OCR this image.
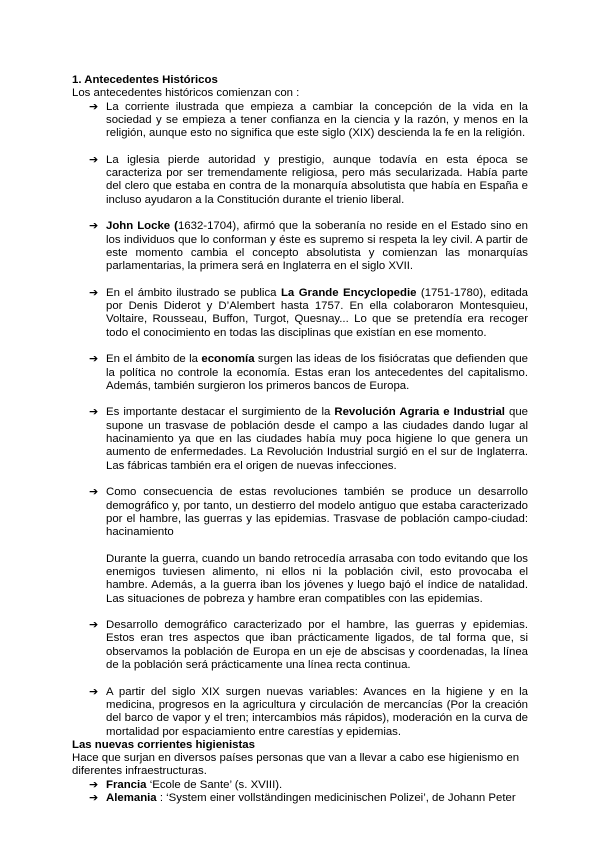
1. Antecedentes Históricos

Los antecedentes históricos comienzan con :

➔ La corriente ilustrada que empieza a cambiar la concepción de la vida en la sociedad y se empieza a tener confianza en la ciencia y la razón, y menos en la religión, aunque esto no significa que este siglo (XIX) descienda la fe en la religión.
➔ La iglesia pierde autoridad y prestigio, aunque todavía en esta época se caracteriza por ser tremendamente religiosa, pero más secularizada. Había parte del clero que estaba en contra de la monarquía absolutista que había en España e incluso ayudaron a la Constitución durante el trienio liberal.
➔ John Locke (1632-1704), afirmó que la soberanía no reside en el Estado sino en los individuos que lo conforman y éste es supremo si respeta la ley civil. A partir de este momento cambia el concepto absolutista y comienzan las monarquías parlamentarias, la primera será en Inglaterra en el siglo XVII.
➔ En el ámbito ilustrado se publica La Grande Encyclopedie (1751-1780), editada por Denis Diderot y D’Alembert hasta 1757. En ella colaboraron Montesquieu, Voltaire, Rousseau, Buffon, Turgot, Quesnay... Lo que se pretendía era recoger todo el conocimiento en todas las disciplinas que existían en ese momento.
➔ En el ámbito de la economía surgen las ideas de los fisiócratas que defienden que la política no controle la economía. Estas eran los antecedentes del capitalismo. Además, también surgieron los primeros bancos de Europa.
➔ Es importante destacar el surgimiento de la Revolución Agraria e Industrial que supone un trasvase de población desde el campo a las ciudades dando lugar al hacinamiento ya que en las ciudades había muy poca higiene lo que genera un aumento de enfermedades. La Revolución Industrial surgió en el sur de Inglaterra. Las fábricas también era el origen de nuevas infecciones.
➔ Como consecuencia de estas revoluciones también se produce un desarrollo demográfico y, por tanto, un destierro del modelo antiguo que estaba caracterizado por el hambre, las guerras y las epidemias. Trasvase de población campo-ciudad: hacinamiento
Durante la guerra, cuando un bando retrocedía arrasaba con todo evitando que los enemigos tuviesen alimento, ni ellos ni la población civil, esto provocaba el hambre. Además, a la guerra iban los jóvenes y luego bajó el índice de natalidad. Las situaciones de pobreza y hambre eran compatibles con las epidemias.
➔ Desarrollo demográfico caracterizado por el hambre, las guerras y epidemias. Estos eran tres aspectos que iban prácticamente ligados, de tal forma que, si observamos la población de Europa en un eje de abscisas y coordenadas, la línea de la población será prácticamente una línea recta continua.
➔ A partir del siglo XIX surgen nuevas variables: Avances en la higiene y en la medicina, progresos en la agricultura y circulación de mercancías (Por la creación del barco de vapor y el tren; intercambios más rápidos), moderación en la curva de mortalidad por espaciamiento entre carestías y epidemias.

Las nuevas corrientes higienistas

Hace que surjan en diversos países personas que van a llevar a cabo ese higienismo en diferentes infraestructuras.

➔ Francia ‘Ecole de Sante’ (s. XVIII).
➔ Alemania : ‘System einer vollständingen medicinischen Polizei’, de Johann Peter
